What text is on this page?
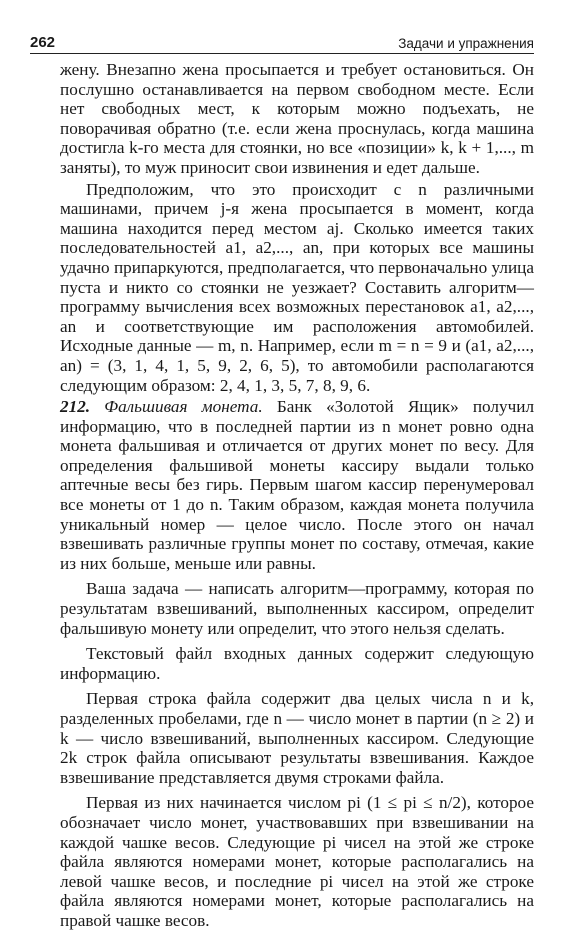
262	Задачи и упражнения

жену. Внезапно жена просыпается и требует остановиться. Он послушно останавливается на первом свободном месте. Если нет свободных мест, к которым можно подъехать, не поворачивая обратно (т.е. если жена проснулась, когда машина достигла k-го места для стоянки, но все «позиции» k, k + 1,..., m заняты), то муж приносит свои извинения и едет дальше.

Предположим, что это происходит с n различными машинами, причем j-я жена просыпается в момент, когда машина находится перед местом aj. Сколько имеется таких последовательностей a1, a2,..., an, при которых все машины удачно припаркуются, предполагается, что первоначально улица пуста и никто со стоянки не уезжает? Составить алгоритм—программу вычисления всех возможных перестановок a1, a2,..., an и соответствующие им расположения автомобилей. Исходные данные — m, n. Например, если m = n = 9 и (a1, a2,..., an) = (3, 1, 4, 1, 5, 9, 2, 6, 5), то автомобили располагаются следующим образом: 2, 4, 1, 3, 5, 7, 8, 9, 6.

212. Фальшивая монета. Банк «Золотой Ящик» получил информацию, что в последней партии из n монет ровно одна монета фальшивая и отличается от других монет по весу. Для определения фальшивой монеты кассиру выдали только аптечные весы без гирь. Первым шагом кассир перенумеровал все монеты от 1 до n. Таким образом, каждая монета получила уникальный номер — целое число. После этого он начал взвешивать различные группы монет по составу, отмечая, какие из них больше, меньше или равны.

Ваша задача — написать алгоритм—программу, которая по результатам взвешиваний, выполненных кассиром, определит фальшивую монету или определит, что этого нельзя сделать.

Текстовый файл входных данных содержит следующую информацию.

Первая строка файла содержит два целых числа n и k, разделенных пробелами, где n — число монет в партии (n ≥ 2) и k — число взвешиваний, выполненных кассиром. Следующие 2k строк файла описывают результаты взвешивания. Каждое взвешивание представляется двумя строками файла.

Первая из них начинается числом pi (1 ≤ pi ≤ n/2), которое обозначает число монет, участвовавших при взвешивании на каждой чашке весов. Следующие pi чисел на этой же строке файла являются номерами монет, которые располагались на левой чашке весов, и последние pi чисел на этой же строке файла являются номерами монет, которые располагались на правой чашке весов.
